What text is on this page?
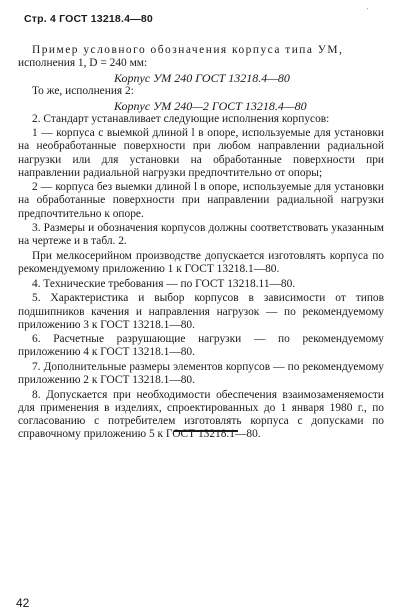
Стр. 4 ГОСТ 13218.4—80
´

Пример условного обозначения корпуса типа УМ,
исполнения 1, D = 240 мм:

Корпус УМ 240 ГОСТ 13218.4—80

То же, исполнения 2:

Корпус УМ 240—2 ГОСТ 13218.4—80

2. Стандарт устанавливает следующие исполнения корпусов:

1 — корпуса с выемкой длиной l в опоре, используемые для установки на необработанные поверхности при любом направлении радиальной нагрузки или для установки на обработанные поверхности при направлении радиальной нагрузки предпочтительно от опоры;

2 — корпуса без выемки длиной l в опоре, используемые для установки на обработанные поверхности при направлении радиальной нагрузки предпочтительно к опоре.

3. Размеры и обозначения корпусов должны соответствовать указанным на чертеже и в табл. 2.

При мелкосерийном производстве допускается изготовлять корпуса по рекомендуемому приложению 1 к ГОСТ 13218.1—80.

4. Технические требования — по ГОСТ 13218.11—80.

5. Характеристика и выбор корпусов в зависимости от типов подшипников качения и направления нагрузок — по рекомендуемому приложению 3 к ГОСТ 13218.1—80.

6. Расчетные разрушающие нагрузки — по рекомендуемому приложению 4 к ГОСТ 13218.1—80.

7. Дополнительные размеры элементов корпусов — по рекомендуемому приложению 2 к ГОСТ 13218.1—80.

8. Допускается при необходимости обеспечения взаимозаменяемости для применения в изделиях, спроектированных до 1 января 1980 г., по согласованию с потребителем изготовлять корпуса с допусками по справочному приложению 5 к ГОСТ 13218.1—80.

42
